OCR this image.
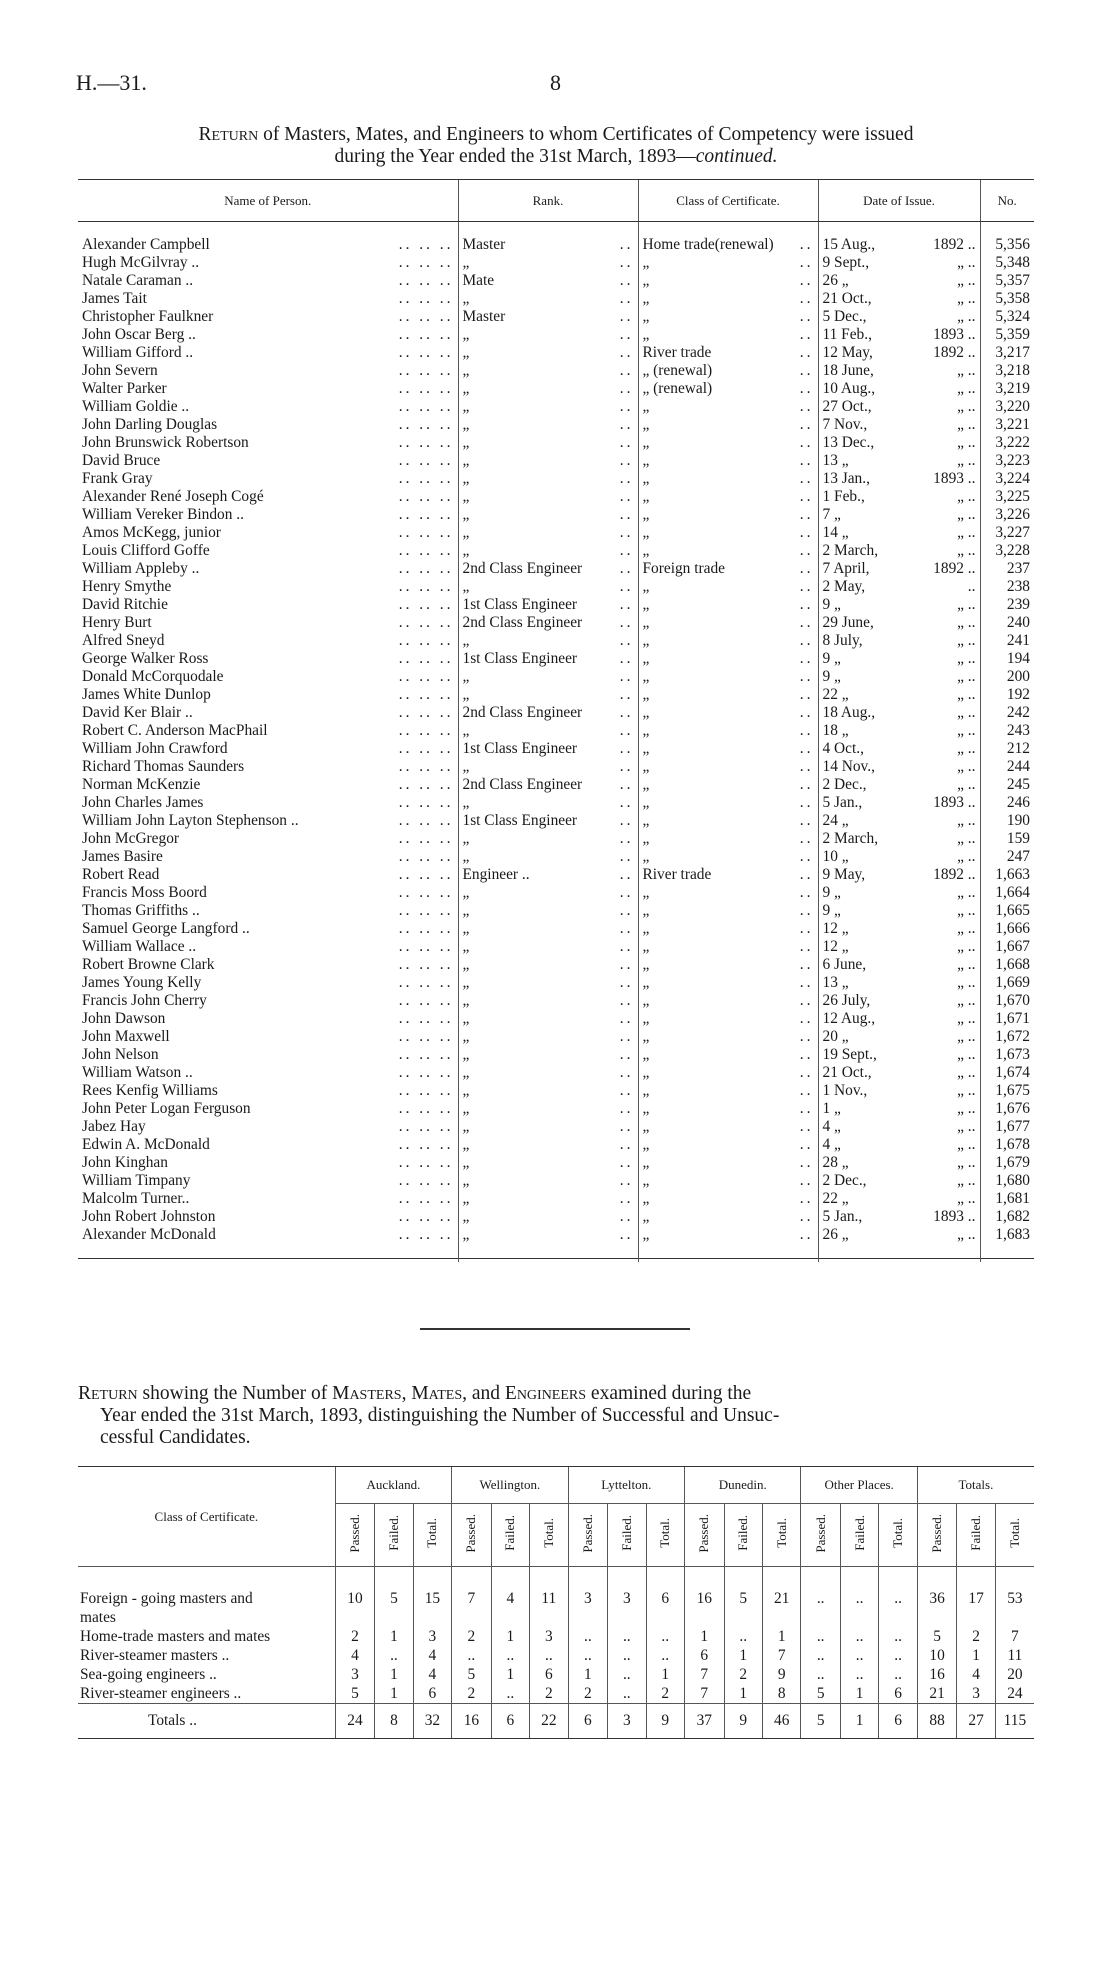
H.—31.	8
Return of Masters, Mates, and Engineers to whom Certificates of Competency were issued
during the Year ended the 31st March, 1893—continued.
Name of Person.	Rank.	Class of Certificate.	Date of Issue.	No.
Alexander Campbell .. .. ..	Master ..	Home trade(renewal) ..	15 Aug., 1892 ..	5,356
Hugh McGilvray .. .. .. ..	„ ..	„ ..	9 Sept., „ ..	5,348
Natale Caraman .. .. .. ..	Mate ..	„ ..	26 „ „ ..	5,357
James Tait .. .. ..	„ ..	„ ..	21 Oct., „ ..	5,358
Christopher Faulkner .. .. ..	Master ..	„ ..	5 Dec., „ ..	5,324
John Oscar Berg .. .. .. ..	„ ..	„ ..	11 Feb., 1893 ..	5,359
William Gifford .. .. .. ..	„ ..	River trade ..	12 May, 1892 ..	3,217
John Severn .. .. ..	„ ..	„ (renewal) ..	18 June, „ ..	3,218
Walter Parker .. .. ..	„ ..	„ (renewal) ..	10 Aug., „ ..	3,219
William Goldie .. .. .. ..	„ ..	„ ..	27 Oct., „ ..	3,220
John Darling Douglas .. .. ..	„ ..	„ ..	7 Nov., „ ..	3,221
John Brunswick Robertson .. .. ..	„ ..	„ ..	13 Dec., „ ..	3,222
David Bruce .. .. ..	„ ..	„ ..	13 „ „ ..	3,223
Frank Gray .. .. ..	„ ..	„ ..	13 Jan., 1893 ..	3,224
Alexander René Joseph Cogé .. .. ..	„ ..	„ ..	1 Feb., „ ..	3,225
William Vereker Bindon .. .. .. ..	„ ..	„ ..	7 „ „ ..	3,226
Amos McKegg, junior .. .. ..	„ ..	„ ..	14 „ „ ..	3,227
Louis Clifford Goffe .. .. ..	„ ..	„ ..	2 March, „ ..	3,228
William Appleby .. .. .. ..	2nd Class Engineer ..	Foreign trade ..	7 April, 1892 ..	237
Henry Smythe .. .. ..	„ ..	„ ..	2 May, ..	238
David Ritchie .. .. ..	1st Class Engineer ..	„ ..	9 „ „ ..	239
Henry Burt .. .. ..	2nd Class Engineer ..	„ ..	29 June, „ ..	240
Alfred Sneyd .. .. ..	„ ..	„ ..	8 July, „ ..	241
George Walker Ross .. .. ..	1st Class Engineer ..	„ ..	9 „ „ ..	194
Donald McCorquodale .. .. ..	„ ..	„ ..	9 „ „ ..	200
James White Dunlop .. .. ..	„ ..	„ ..	22 „ „ ..	192
David Ker Blair .. .. .. ..	2nd Class Engineer ..	„ ..	18 Aug., „ ..	242
Robert C. Anderson MacPhail .. .. ..	„ ..	„ ..	18 „ „ ..	243
William John Crawford .. .. ..	1st Class Engineer ..	„ ..	4 Oct., „ ..	212
Richard Thomas Saunders .. .. ..	„ ..	„ ..	14 Nov., „ ..	244
Norman McKenzie .. .. ..	2nd Class Engineer ..	„ ..	2 Dec., „ ..	245
John Charles James .. .. ..	„ ..	„ ..	5 Jan., 1893 ..	246
William John Layton Stephenson .. .. .. ..	1st Class Engineer ..	„ ..	24 „ „ ..	190
John McGregor .. .. ..	„ ..	„ ..	2 March, „ ..	159
James Basire .. .. ..	„ ..	„ ..	10 „ „ ..	247
Robert Read .. .. ..	Engineer .. ..	River trade ..	9 May, 1892 ..	1,663
Francis Moss Boord .. .. ..	„ ..	„ ..	9 „ „ ..	1,664
Thomas Griffiths .. .. .. ..	„ ..	„ ..	9 „ „ ..	1,665
Samuel George Langford .. .. .. ..	„ ..	„ ..	12 „ „ ..	1,666
William Wallace .. .. .. ..	„ ..	„ ..	12 „ „ ..	1,667
Robert Browne Clark .. .. ..	„ ..	„ ..	6 June, „ ..	1,668
James Young Kelly .. .. ..	„ ..	„ ..	13 „ „ ..	1,669
Francis John Cherry .. .. ..	„ ..	„ ..	26 July, „ ..	1,670
John Dawson .. .. ..	„ ..	„ ..	12 Aug., „ ..	1,671
John Maxwell .. .. ..	„ ..	„ ..	20 „ „ ..	1,672
John Nelson .. .. ..	„ ..	„ ..	19 Sept., „ ..	1,673
William Watson .. .. .. ..	„ ..	„ ..	21 Oct., „ ..	1,674
Rees Kenfig Williams .. .. ..	„ ..	„ ..	1 Nov., „ ..	1,675
John Peter Logan Ferguson .. .. ..	„ ..	„ ..	1 „ „ ..	1,676
Jabez Hay .. .. ..	„ ..	„ ..	4 „ „ ..	1,677
Edwin A. McDonald .. .. ..	„ ..	„ ..	4 „ „ ..	1,678
John Kinghan .. .. ..	„ ..	„ ..	28 „ „ ..	1,679
William Timpany .. .. ..	„ ..	„ ..	2 Dec., „ ..	1,680
Malcolm Turner.. .. .. ..	„ ..	„ ..	22 „ „ ..	1,681
John Robert Johnston .. .. ..	„ ..	„ ..	5 Jan., 1893 ..	1,682
Alexander McDonald .. .. ..	„ ..	„ ..	26 „ „ ..	1,683

Return showing the Number of Masters, Mates, and Engineers examined during the
Year ended the 31st March, 1893, distinguishing the Number of Successful and Unsuc-
cessful Candidates.
Class of Certificate.	Auckland.			Wellington.			Lyttelton.			Dunedin.			Other Places.			Totals.		
	Passed.	Failed.	Total.	Passed.	Failed.	Total.	Passed.	Failed.	Total.	Passed.	Failed.	Total.	Passed.	Failed.	Total.	Passed.	Failed.	Total.

Foreign - going masters and
mates	10	5	15	7	4	11	3	3	6	16	5	21	..	..	..	36	17	53
Home-trade masters and mates	2	1	3	2	1	3	..	..	..	1	..	1	..	..	..	5	2	7
River-steamer masters ..	4	..	4	..	..	..	..	..	..	6	1	7	..	..	..	10	1	11
Sea-going engineers ..	3	1	4	5	1	6	1	..	1	7	2	9	..	..	..	16	4	20
River-steamer engineers ..	5	1	6	2	..	2	2	..	2	7	1	8	5	1	6	21	3	24
Totals ..	24	8	32	16	6	22	6	3	9	37	9	46	5	1	6	88	27	115
